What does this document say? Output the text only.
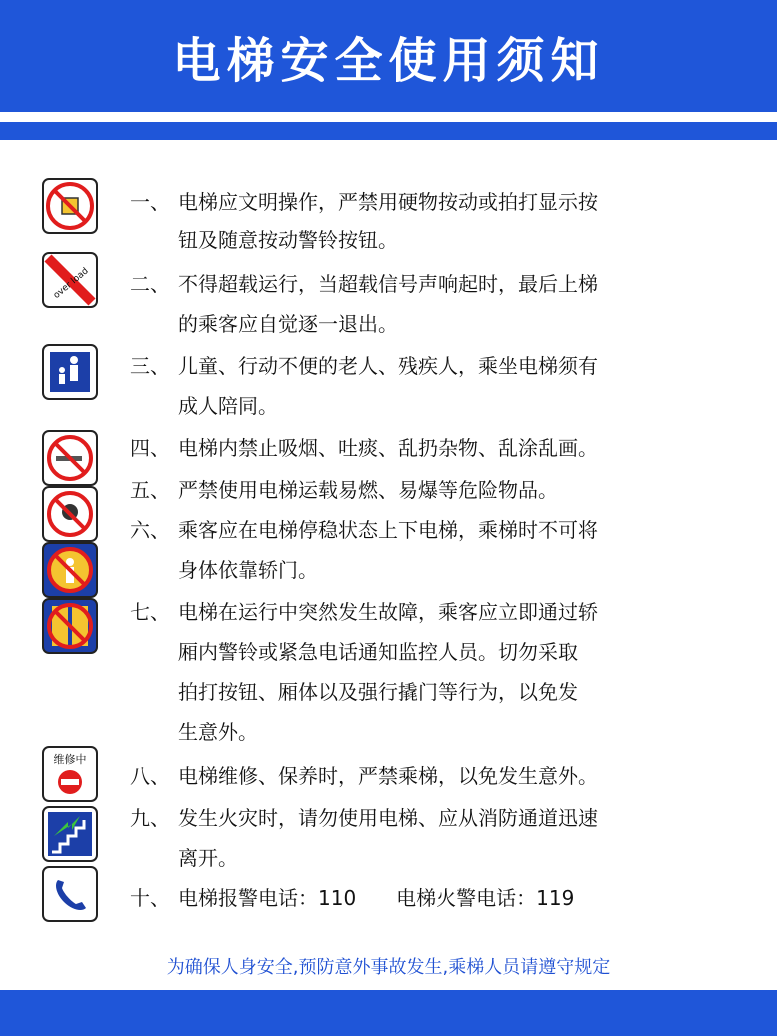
电梯安全使用须知
over load
维修中
一、 电梯应文明操作，严禁用硬物按动或拍打显示按
钮及随意按动警铃按钮。
二、 不得超载运行，当超载信号声响起时，最后上梯
的乘客应自觉逐一退出。
三、 儿童、行动不便的老人、残疾人，乘坐电梯须有
成人陪同。
四、 电梯内禁止吸烟、吐痰、乱扔杂物、乱涂乱画。
五、 严禁使用电梯运载易燃、易爆等危险物品。
六、 乘客应在电梯停稳状态上下电梯，乘梯时不可将
身体依靠轿门。
七、 电梯在运行中突然发生故障，乘客应立即通过轿
厢内警铃或紧急电话通知监控人员。切勿采取
拍打按钮、厢体以及强行撬门等行为，以免发
生意外。
八、 电梯维修、保养时，严禁乘梯，以免发生意外。
九、 发生火灾时，请勿使用电梯、应从消防通道迅速
离开。
十、 电梯报警电话：110　　电梯火警电话：119
为确保人身安全,预防意外事故发生,乘梯人员请遵守规定
